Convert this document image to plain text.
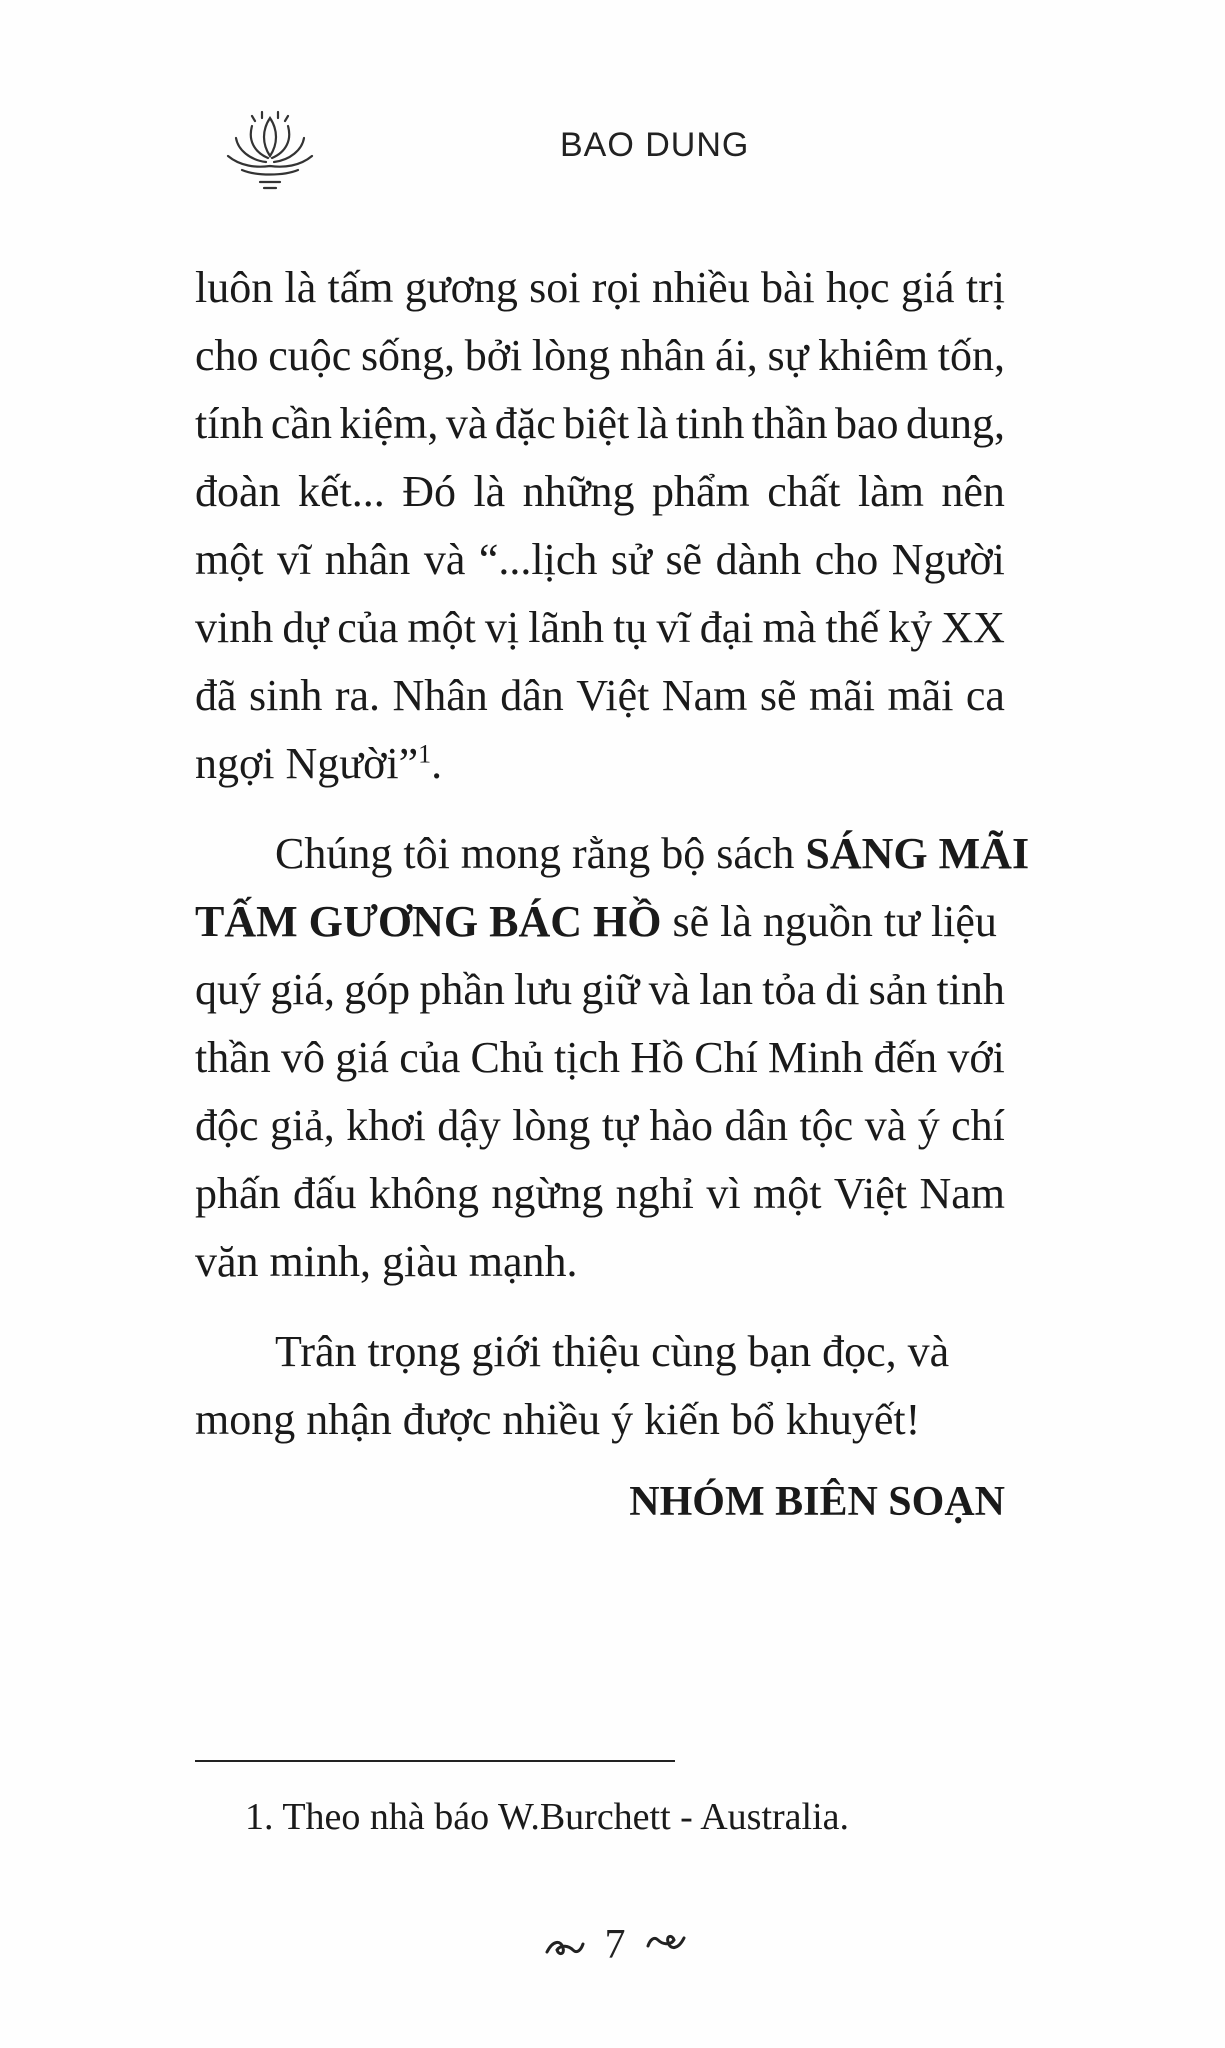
BAO DUNG
luôn là tấm gương soi rọi nhiều bài học giá trị
cho cuộc sống, bởi lòng nhân ái, sự khiêm tốn,
tính cần kiệm, và đặc biệt là tinh thần bao dung,
đoàn kết... Đó là những phẩm chất làm nên
một vĩ nhân và “...lịch sử sẽ dành cho Người
vinh dự của một vị lãnh tụ vĩ đại mà thế kỷ XX
đã sinh ra. Nhân dân Việt Nam sẽ mãi mãi ca
ngợi Người”$^1$.
Chúng tôi mong rằng bộ sách SÁNG MÃI
TẤM GƯƠNG BÁC HỒ sẽ là nguồn tư liệu
quý giá, góp phần lưu giữ và lan tỏa di sản tinh
thần vô giá của Chủ tịch Hồ Chí Minh đến với
độc giả, khơi dậy lòng tự hào dân tộc và ý chí
phấn đấu không ngừng nghỉ vì một Việt Nam
văn minh, giàu mạnh.
Trân trọng giới thiệu cùng bạn đọc, và
mong nhận được nhiều ý kiến bổ khuyết!
NHÓM BIÊN SOẠN
1. Theo nhà báo W.Burchett - Australia.
7
